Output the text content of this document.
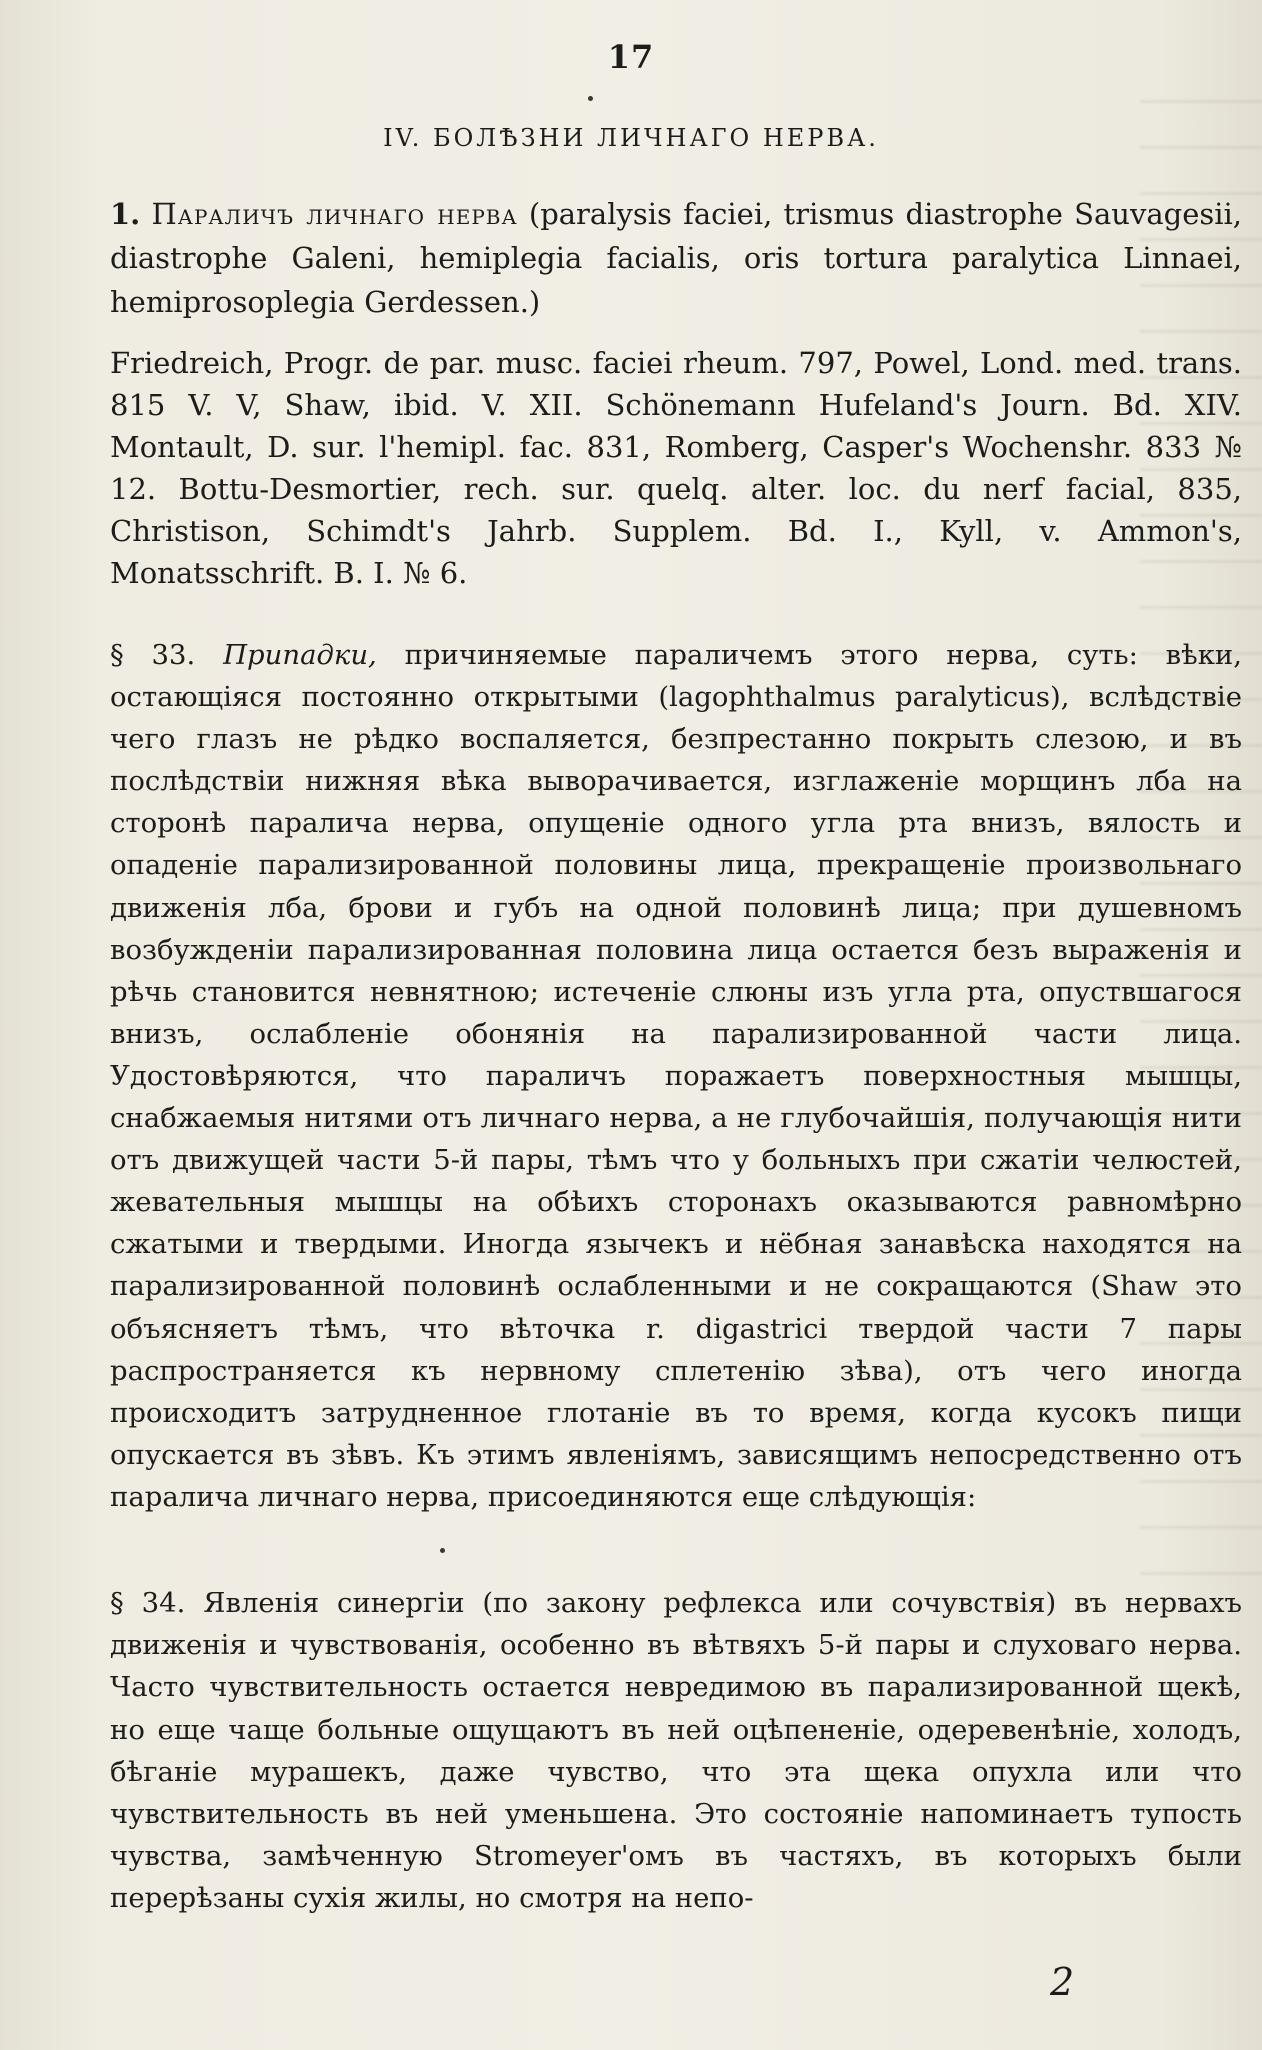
17
IV. БОЛѢЗНИ ЛИЧНАГО НЕРВА.

1. Параличъ личнаго нерва (paralysis faciei, trismus diastrophe Sauvagesii, diastrophe Galeni, hemiplegia facialis, oris tortura paralytica Linnaei, hemiprosoplegia Gerdessen.)

Friedreich, Progr. de par. musc. faciei rheum. 797, Powel, Lond. med. trans. 815 V. V, Shaw, ibid. V. XII. Schönemann Hufeland's Journ. Bd. XIV. Montault, D. sur. l'hemipl. fac. 831, Romberg, Casper's Wochenshr. 833 № 12. Bottu-Desmortier, rech. sur. quelq. alter. loc. du nerf facial, 835, Christison, Schimdt's Jahrb. Supplem. Bd. I., Kyll, v. Ammon's, Monatsschrift. B. I. № 6.

§ 33. Припадки, причиняемые параличемъ этого нерва, суть: вѣки, остающіяся постоянно открытыми (lagophthalmus paralyticus), вслѣдствіе чего глазъ не рѣдко воспаляется, безпрестанно покрыть слезою, и въ послѣдствіи нижняя вѣка выворачивается, изглаженіе морщинъ лба на сторонѣ паралича нерва, опущеніе одного угла рта внизъ, вялость и опаденіе парализированной половины лица, прекращеніе произвольнаго движенія лба, брови и губъ на одной половинѣ лица; при душевномъ возбужденіи парализированная половина лица остается безъ выраженія и рѣчь становится невнятною; истеченіе слюны изъ угла рта, опуствшагося внизъ, ослабленіе обонянія на парализированной части лица. Удостовѣряются, что параличъ поражаетъ поверхностныя мышцы, снабжаемыя нитями отъ личнаго нерва, а не глубочайшія, получающія нити отъ движущей части 5-й пары, тѣмъ что у больныхъ при сжатіи челюстей, жевательныя мышцы на обѣихъ сторонахъ оказываются равномѣрно сжатыми и твердыми. Иногда язычекъ и нёбная занавѣска находятся на парализированной половинѣ ослабленными и не сокращаются (Shaw это объясняетъ тѣмъ, что вѣточка r. digastrici твердой части 7 пары распространяется къ нервному сплетенію зѣва), отъ чего иногда происходитъ затрудненное глотаніе въ то время, когда кусокъ пищи опускается въ зѣвъ. Къ этимъ явленіямъ, зависящимъ непосредственно отъ паралича личнаго нерва, присоединяются еще слѣдующія:

§ 34. Явленія синергіи (по закону рефлекса или сочувствія) въ нервахъ движенія и чувствованія, особенно въ вѣтвяхъ 5-й пары и слуховаго нерва. Часто чувствительность остается невредимою въ парализированной щекѣ, но еще чаще больные ощущаютъ въ ней оцѣпененіе, одеревенѣніе, холодъ, бѣганіе мурашекъ, даже чувство, что эта щека опухла или что чувствительность въ ней уменьшена. Это состояніе напоминаетъ тупость чувства, замѣченную Stromeyer'омъ въ частяхъ, въ которыхъ были перерѣзаны сухія жилы, но смотря на непо-

2
